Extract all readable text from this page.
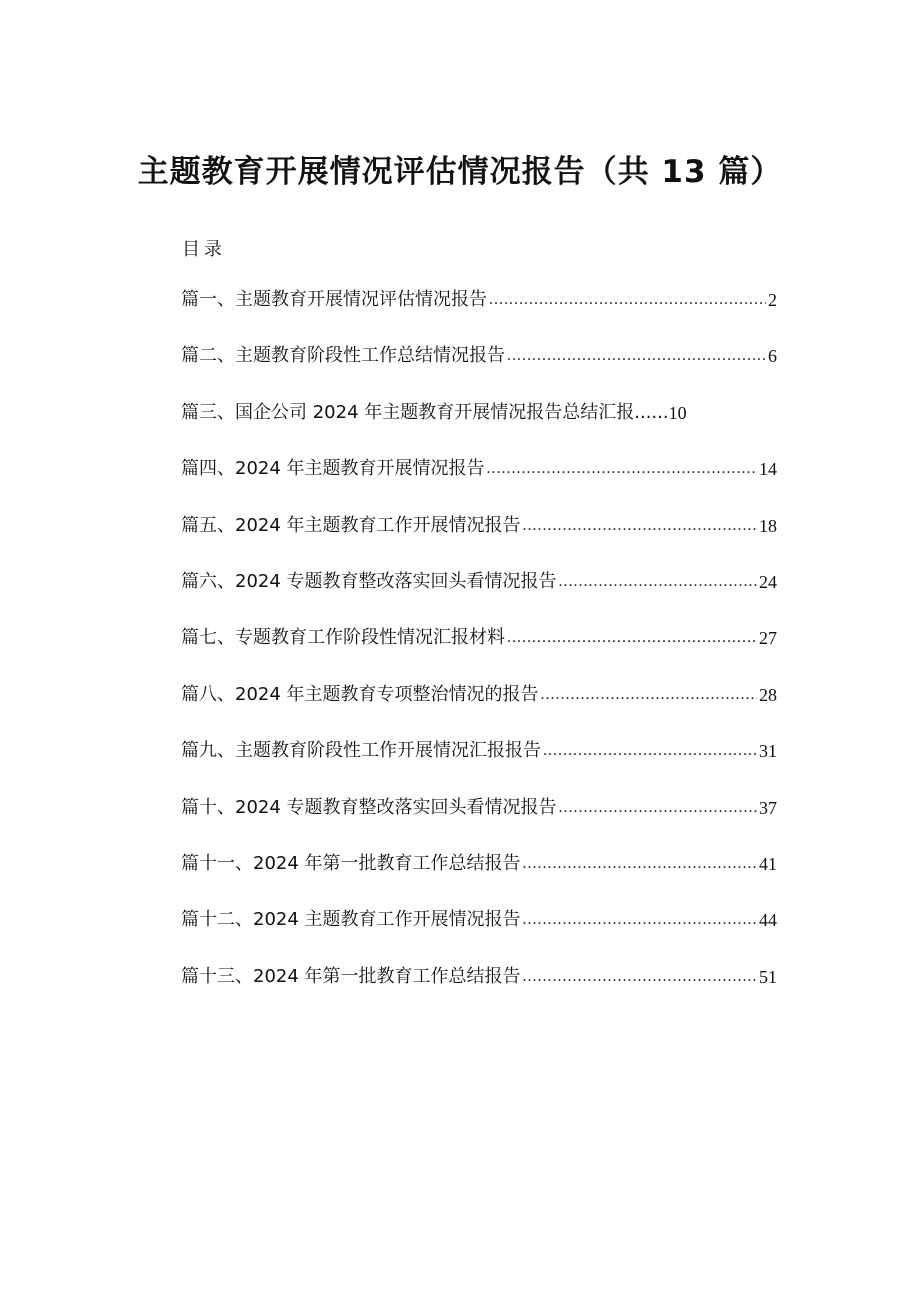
主题教育开展情况评估情况报告（共 13 篇）
目录
篇一、主题教育开展情况评估情况报告 .....	2
篇二、主题教育阶段性工作总结情况报告 .....	6
篇三、国企公司 2024 年主题教育开展情况报告总结汇报...... 10
篇四、2024 年主题教育开展情况报告 .....	14
篇五、2024 年主题教育工作开展情况报告 .....	18
篇六、2024 专题教育整改落实回头看情况报告 .....	24
篇七、专题教育工作阶段性情况汇报材料 .....	27
篇八、2024 年主题教育专项整治情况的报告 .....	28
篇九、主题教育阶段性工作开展情况汇报报告 .....	31
篇十、2024 专题教育整改落实回头看情况报告 .....	37
篇十一、2024 年第一批教育工作总结报告 .....	41
篇十二、2024 主题教育工作开展情况报告 .....	44
篇十三、2024 年第一批教育工作总结报告 .....	51
